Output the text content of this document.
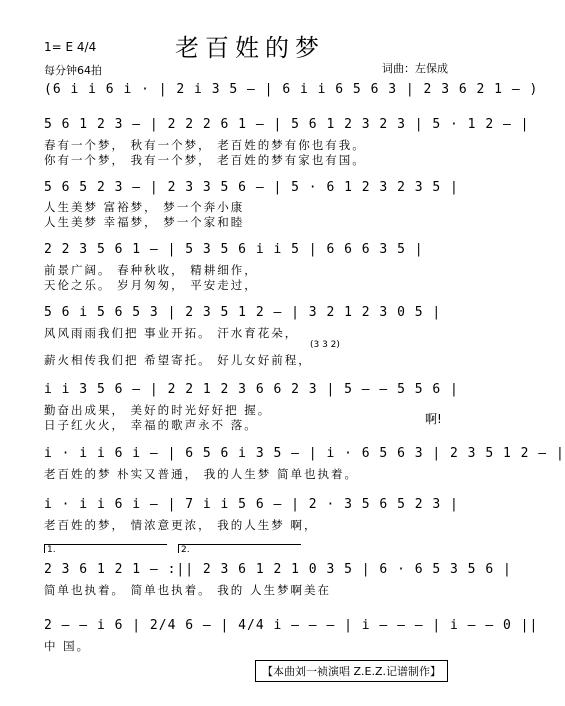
老百姓的梦
1= E 4/4
每分钟64拍	词曲：左保成
(6 i i 6 i · | 2 i 3 5 — | 6 i i 6 5 6 3 | 2 3 6 2 1 — )
5 6 1 2 3 — | 2 2 2 6 1 — | 5 6 1 2 3 2 3 | 5 · 1 2 — |
春有一个梦， 秋有一个梦， 老百姓的梦有你也有我。
你有一个梦， 我有一个梦， 老百姓的梦有家也有国。
5 6 5 2 3 — | 2 3 3 5 6 — | 5 · 6 1 2 3 2 3 5 |
人生美梦 富裕梦， 梦一个奔小康
人生美梦 幸福梦， 梦一个家和睦
2 2 3 5 6 1 — | 5 3 5 6 i i 5 | 6 6 6 3 5 |
前景广阔。 春种秋收， 精耕细作，
天伦之乐。 岁月匆匆， 平安走过，
5 6 i 5 6 5 3 | 2 3 5 1 2 — | 3 2 1 2 3 0 5 |
风风雨雨我们把 事业开拓。 汗水育花朵，
(3 3 2)
薪火相传我们把 希望寄托。 好儿女好前程，
i i 3 5 6 — | 2 2 1 2 3 6 6 2 3 | 5 — — 5 5 6 |
勤奋出成果， 美好的时光好好把 握。
日子红火火， 幸福的歌声永不 落。	啊!
i · i i 6 i — | 6 5 6 i 3 5 — | i · 6 5 6 3 | 2 3 5 1 2 — |
老百姓的梦 朴实又普通， 我的人生梦 简单也执着。
i · i i 6 i — | 7 i i 5 6 — | 2 · 3 5 6 5 2 3 |
老百姓的梦， 情浓意更浓， 我的人生梦 啊，
1.	2.
2 3 6 1 2 1 — :|| 2 3 6 1 2 1 0 3 5 | 6 · 6 5 3 5 6 |
简单也执着。 简单也执着。 我的 人生梦啊美在
2 — — i 6 | 2/4 6 — | 4/4 i — — — | i — — — | i — — 0 ||
中 国。
【本曲刘一祯演唱 Z.E.Z.记谱制作】
